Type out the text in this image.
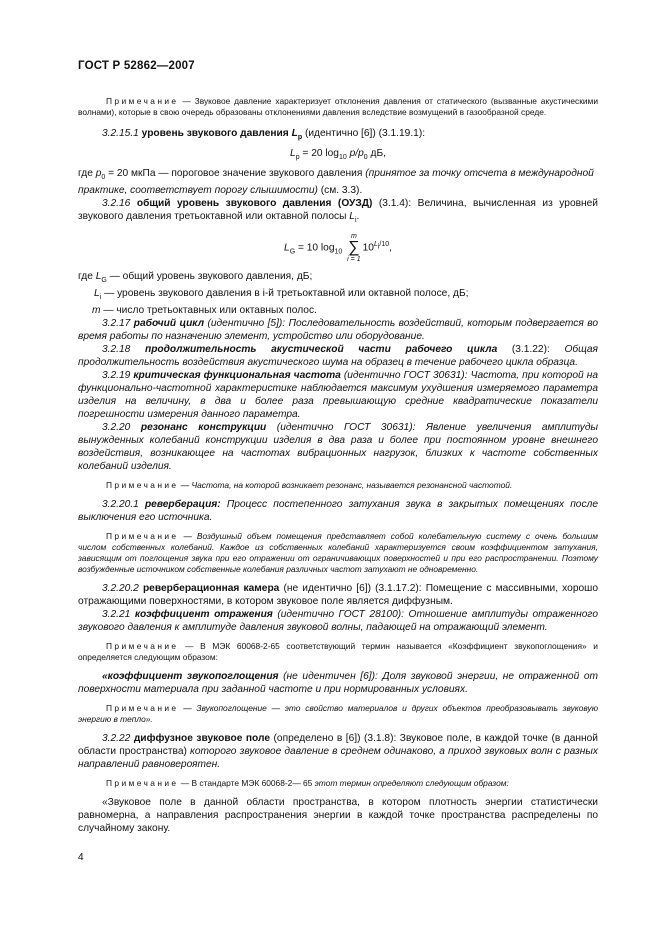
ГОСТ Р 52862—2007

Примечание — Звуковое давление характеризует отклонения давления от статического (вызванные акустическими волнами), которые в свою очередь образованы отклонениями давления вследствие возмущений в газообразной среде.

3.2.15.1 уровень звукового давления $L_p$ (идентично [6]) (3.1.19.1):

$L_p = 20$ $\log_{10} p/p_0$ дБ,

где $p_0 = 20$ мкПа — пороговое значение звукового давления (принятое за точку отсчета в международной практике, соответствует порогу слышимости) (см. 3.3).

3.2.16 общий уровень звукового давления (ОУЗД) (3.1.4): Величина, вычисленная из уровней звукового давления третьоктавной или октавной полосы $L_i$.

$L_G = 10$ $\log_{10}$
m
∑
i = 1
$10^{L_i/10}$,

где $L_G$ — общий уровень звукового давления, дБ;

$L_i$ — уровень звукового давления в i-й третьоктавной или октавной полосе, дБ;

m — число третьоктавных или октавных полос.

3.2.17 рабочий цикл (идентично [5]): Последовательность воздействий, которым подвергается во время работы по назначению элемент, устройство или оборудование.

3.2.18 продолжительность акустической части рабочего цикла (3.1.22): Общая продолжительность воздействия акустического шума на образец в течение рабочего цикла образца.

3.2.19 критическая функциональная частота (идентично ГОСТ 30631): Частота, при которой на функционально-частотной характеристике наблюдается максимум ухудшения измеряемого параметра изделия на величину, в два и более раза превышающую средние квадратические показатели погрешности измерения данного параметра.

3.2.20 резонанс конструкции (идентично ГОСТ 30631): Явление увеличения амплитуды вынужденных колебаний конструкции изделия в два раза и более при постоянном уровне внешнего воздействия, возникающее на частотах вибрационных нагрузок, близких к частоте собственных колебаний изделия.

Примечание — Частота, на которой возникает резонанс, называется резонансной частотой.

3.2.20.1 реверберация: Процесс постепенного затухания звука в закрытых помещениях после выключения его источника.

Примечание — Воздушный объем помещения представляет собой колебательную систему с очень большим числом собственных колебаний. Каждое из собственных колебаний характеризуется своим коэффициентом затухания, зависящим от поглощения звука при его отражении от ограничивающих поверхностей и при его распространении. Поэтому возбужденные источником собственные колебания различных частот затухают не одновременно.

3.2.20.2 реверберационная камера (не идентично [6]) (3.1.17.2): Помещение с массивными, хорошо отражающими поверхностями, в котором звуковое поле является диффузным.

3.2.21 коэффициент отражения (идентично ГОСТ 28100): Отношение амплитуды отраженного звукового давления к амплитуде давления звуковой волны, падающей на отражающий элемент.

Примечание — В МЭК 60068-2-65 соответствующий термин называется «Коэффициент звукопоглощения» и определяется следующим образом:

«коэффициент звукопоглощения (не идентичен [6]): Доля звуковой энергии, не отраженной от поверхности материала при заданной частоте и при нормированных условиях.

Примечание — Звукопоглощение — это свойство материалов и других объектов преобразовывать звуковую энергию в тепло».

3.2.22 диффузное звуковое поле (определено в [6]) (3.1.8): Звуковое поле, в каждой точке (в данной области пространства) которого звуковое давление в среднем одинаково, а приход звуковых волн с разных направлений равновероятен.

Примечание — В стандарте МЭК 60068-2— 65 этот термин определяют следующим образом:

«Звуковое поле в данной области пространства, в котором плотность энергии статистически равномерна, а направления распространения энергии в каждой точке пространства распределены по случайному закону.

4
